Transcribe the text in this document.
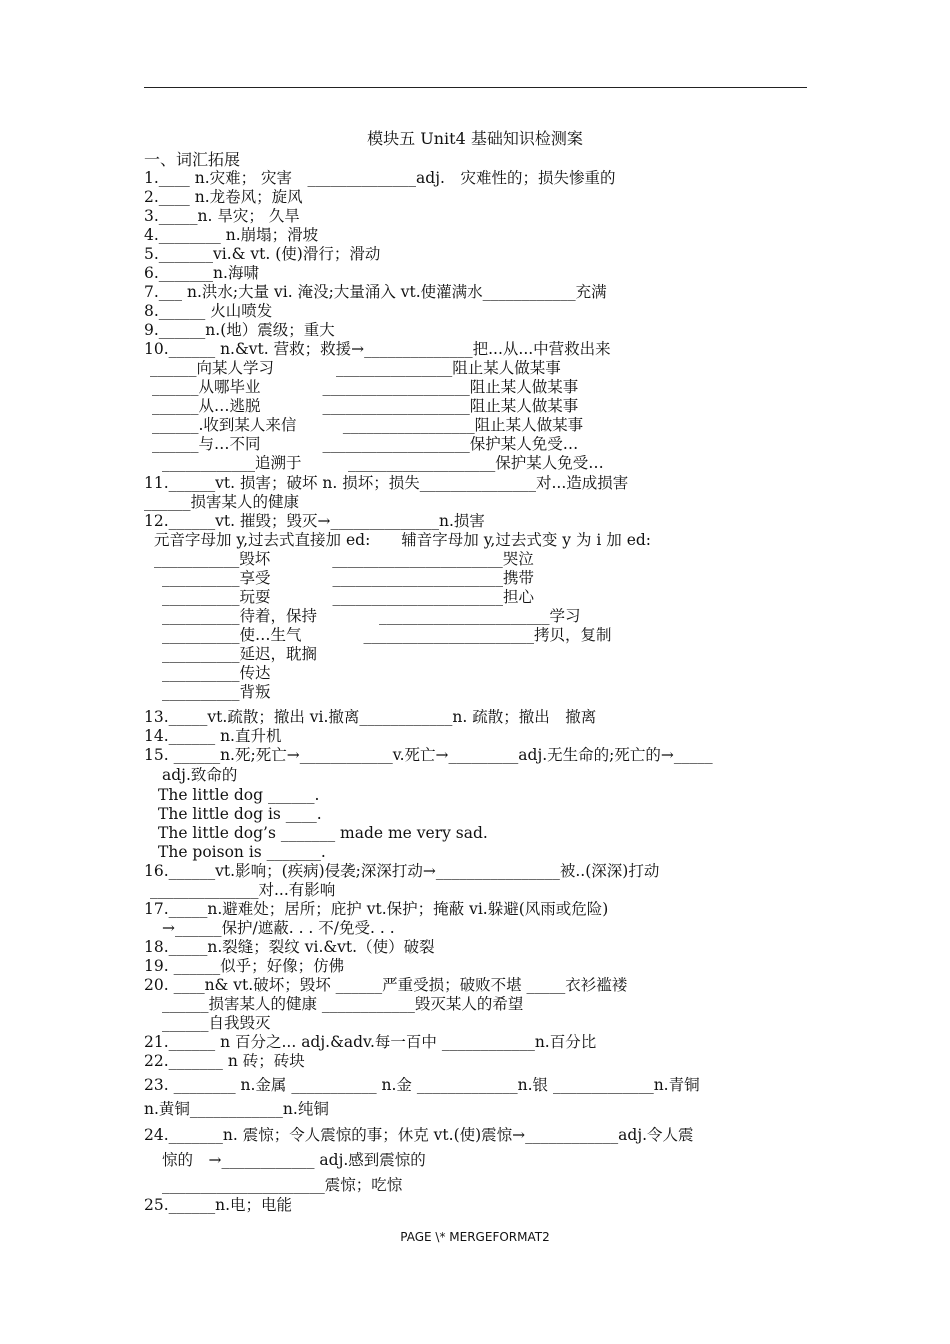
模块五 Unit4 基础知识检测案
一、词汇拓展
1.____ n.灾难； 灾害　______________adj.　灾难性的；损失惨重的
2.____ n.龙卷风；旋风
3._____n. 旱灾； 久旱
4.________ n.崩塌；滑坡
5._______vi.& vt. (使)滑行；滑动
6._______n.海啸
7.___ n.洪水;大量 vi. 淹没;大量涌入 vt.使灌满水____________充满
8.______ 火山喷发
9.______n.(地）震级；重大
10.______ n.&vt. 营救；救援→______________把...从...中营救出来
______向某人学习　　　　_______________阻止某人做某事
______从哪毕业　　　　___________________阻止某人做某事
______从…逃脱　　　　___________________阻止某人做某事
______.收到某人来信　　　_________________阻止某人做某事
______与…不同　　　　___________________保护某人免受…
____________追溯于　　　___________________保护某人免受…
11.______vt. 损害；破坏 n. 损坏；损失_______________对...造成损害
______损害某人的健康
12.______vt. 摧毁；毁灭→______________n.损害
元音字母加 y,过去式直接加 ed:　　辅音字母加 y,过去式变 y 为 i 加 ed:
___________毁坏　　　　______________________哭泣
__________享受　　　　______________________携带
__________玩耍　　　　______________________担心
__________待着，保持　　　　______________________学习
__________使…生气　　　　______________________拷贝，复制
__________延迟，耽搁
__________传达
__________背叛
13._____vt.疏散；撤出 vi.撤离____________n. 疏散；撤出　撤离
14.______ n.直升机
15. ______n.死;死亡→____________v.死亡→_________adj.无生命的;死亡的→_____
adj.致命的
The little dog ______.
The little dog is ____.
The little dog’s _______ made me very sad.
The poison is _______.
16.______vt.影响；(疾病)侵袭;深深打动→________________被..(深深)打动
______________对...有影响
17._____n.避难处；居所；庇护 vt.保护；掩蔽 vi.躲避(风雨或危险)
→______保护/遮蔽. . . 不/免受. . .
18._____n.裂缝；裂纹 vi.&vt.（使）破裂
19. ______似乎；好像；仿佛
20. ____n& vt.破坏；毁坏 ______严重受损；破败不堪 _____衣衫褴褛
______损害某人的健康 ____________毁灭某人的希望
______自我毁灭
21.______ n 百分之... adj.&adv.每一百中 ____________n.百分比
22._______ n 砖；砖块
23. ________ n.金属 ___________ n.金 _____________n.银 _____________n.青铜
n.黄铜____________n.纯铜
24._______n. 震惊；令人震惊的事；休克 vt.(使)震惊→____________adj.令人震
惊的　→____________ adj.感到震惊的
_____________________震惊；吃惊
25.______n.电；电能
PAGE \* MERGEFORMAT2
